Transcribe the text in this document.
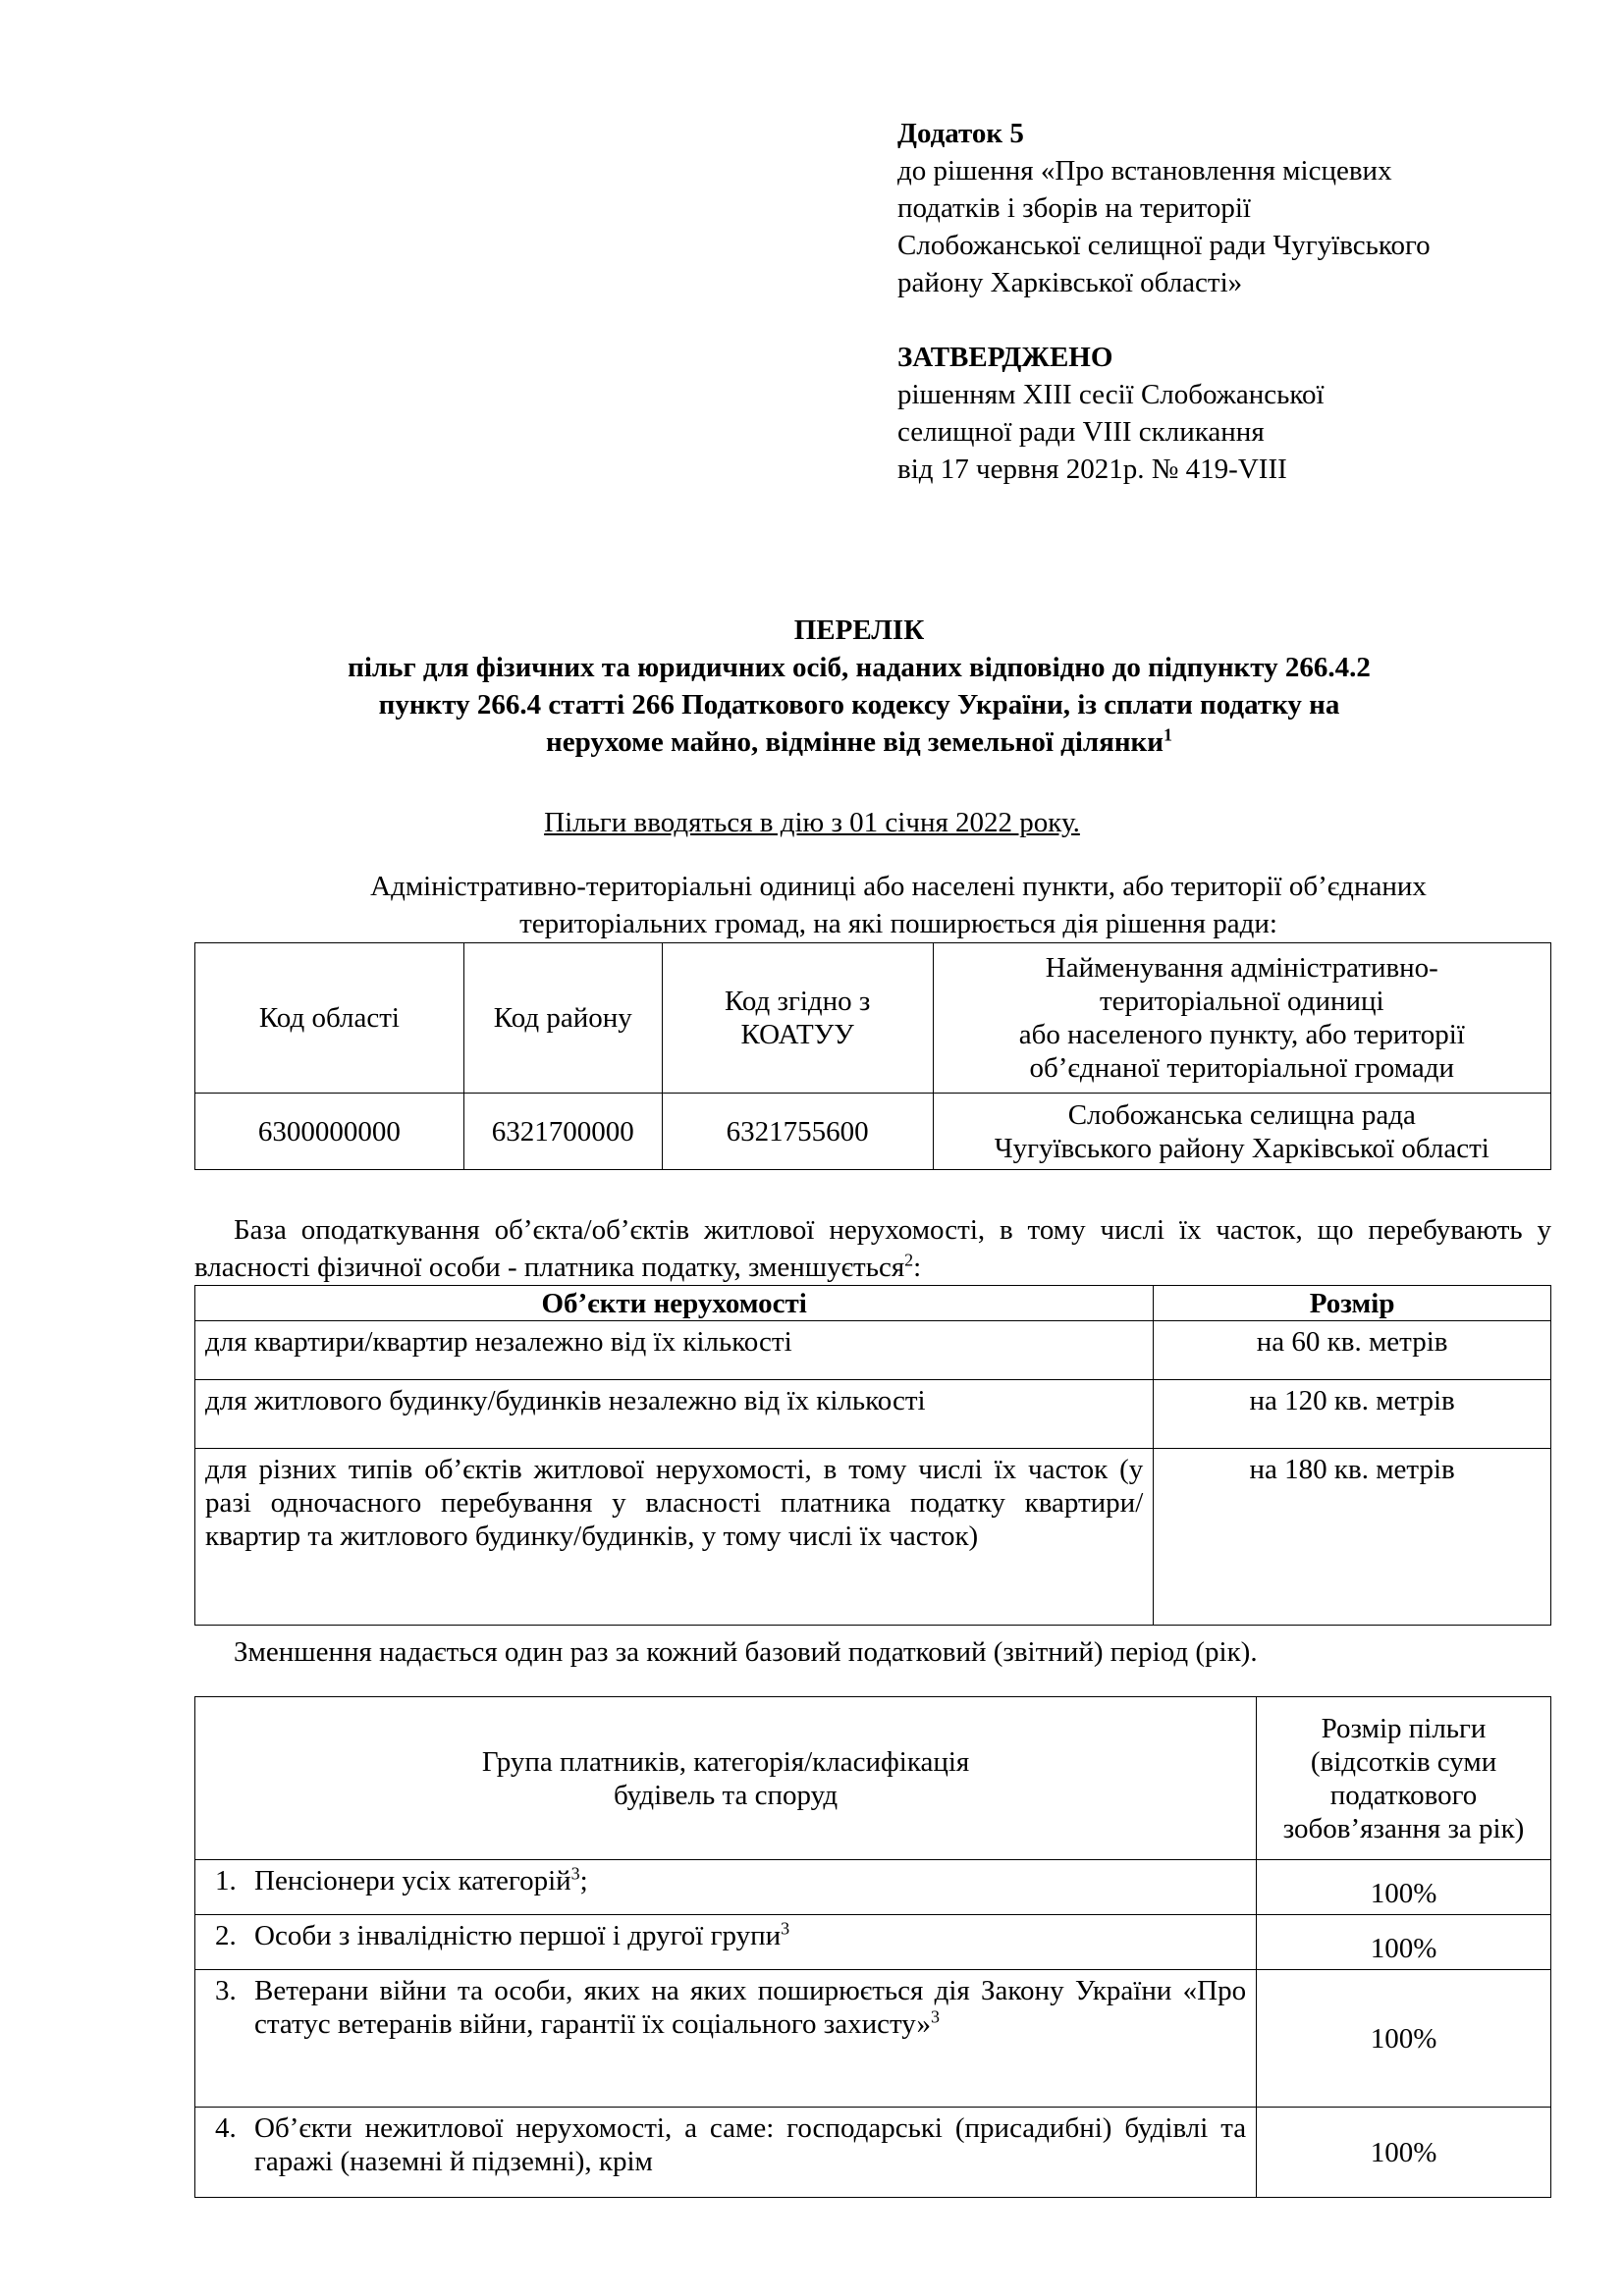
Додаток 5

до рішення «Про встановлення місцевих

податків і зборів на території

Слобожанської селищної ради Чугуївського

району Харківської області»

ЗАТВЕРДЖЕНО

рішенням ХIІІ сесії Слобожанської

селищної ради VIII скликання

від 17 червня 2021р. № 419-VIII

ПЕРЕЛІК

пільг для фізичних та юридичних осіб, наданих відповідно до підпункту 266.4.2

пункту 266.4 статті 266 Податкового кодексу України, із сплати податку на

нерухоме майно, відмінне від земельної ділянки$^1$

Пільги вводяться в дію з 01 січня 2022 року.

Адміністративно-територіальні одиниці або населені пункти, або території об’єднаних

територіальних громад, на які поширюється дія рішення ради:

Код області	Код району	Код згідно з
КОАТУУ	Найменування адміністративно-
територіальної одиниці
або населеного пункту, або території
об’єднаної територіальної громади
6300000000	6321700000	6321755600	Слобожанська селищна рада
Чугуївського району Харківської області

База оподаткування об’єкта/об’єктів житлової нерухомості, в тому числі їх часток, що перебувають у власності фізичної особи - платника податку, зменшується$^2$:

Об’єкти нерухомості	Розмір
для квартири/квартир незалежно від їх кількості	на 60 кв. метрів
для житлового будинку/будинків незалежно від їх кількості	на 120 кв. метрів
для різних типів об’єктів житлової нерухомості, в тому числі їх часток (у разі одночасного перебування у власності платника податку квартири/квартир та житлового будинку/будинків, у тому числі їх часток)	на 180 кв. метрів
Зменшення надається один раз за кожний базовий податковий (звітний) період (рік).
Група платників, категорія/класифікація
будівель та споруд	Розмір пільги
(відсотків суми
податкового
зобов’язання за рік)
1. Пенсіонери усіх категорій$^3$;	100%
2. Особи з інвалідністю першої і другої групи$^3$	100%

3. Ветерани війни та особи, яких на яких поширюється дія Закону України «Про статус ветеранів війни, гарантії їх соціального захисту»$^3$	100%

4. Об’єкти нежитлової нерухомості, а саме: господарські (присадибні) будівлі та гаражі (наземні й підземні), крім	100%
